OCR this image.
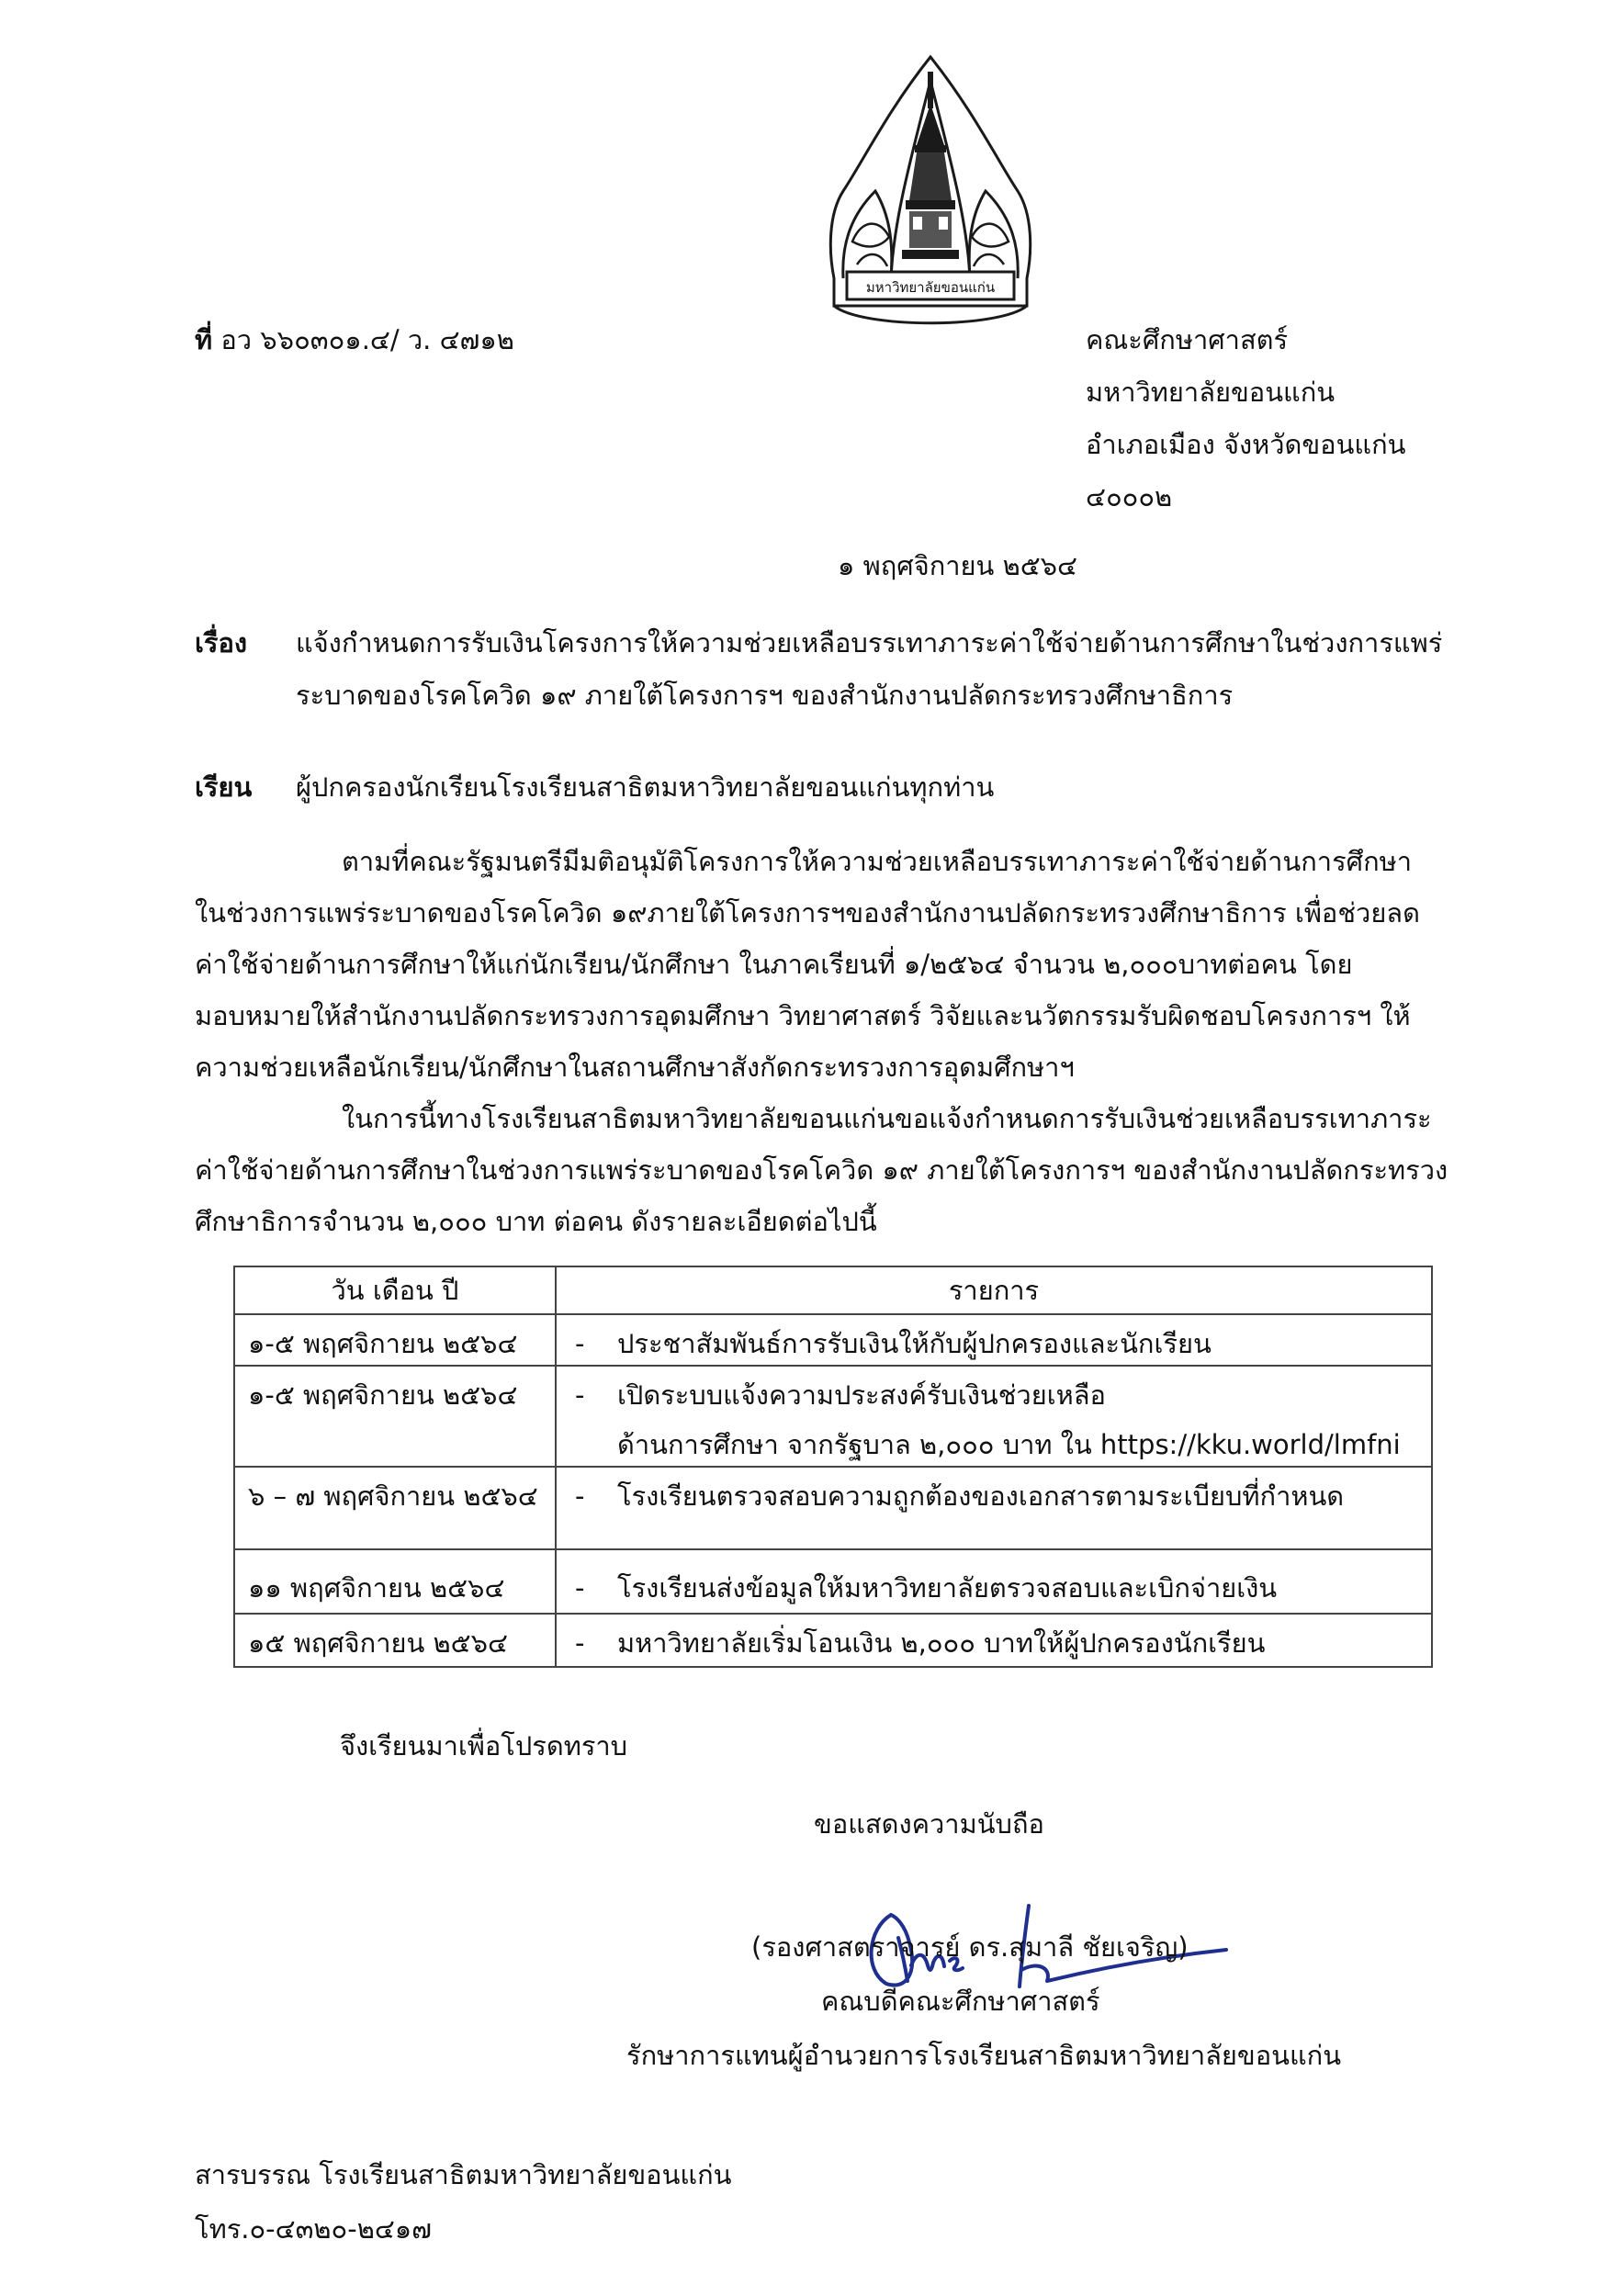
มหาวิทยาลัยขอนแก่น
ที่ อว ๖๖๐๓๐๑.๔/ ว. ๔๗๑๒	คณะศึกษาศาสตร์
มหาวิทยาลัยขอนแก่น
อำเภอเมือง จังหวัดขอนแก่น
๔๐๐๐๒
๑ พฤศจิกายน ๒๕๖๔
เรื่อง แจ้งกำหนดการรับเงินโครงการให้ความช่วยเหลือบรรเทาภาระค่าใช้จ่ายด้านการศึกษาในช่วงการแพร่
ระบาดของโรคโควิด ๑๙ ภายใต้โครงการฯ ของสำนักงานปลัดกระทรวงศึกษาธิการ
เรียน ผู้ปกครองนักเรียนโรงเรียนสาธิตมหาวิทยาลัยขอนแก่นทุกท่าน
ตามที่คณะรัฐมนตรีมีมติอนุมัติโครงการให้ความช่วยเหลือบรรเทาภาระค่าใช้จ่ายด้านการศึกษา
ในช่วงการแพร่ระบาดของโรคโควิด ๑๙ภายใต้โครงการฯของสำนักงานปลัดกระทรวงศึกษาธิการ เพื่อช่วยลด
ค่าใช้จ่ายด้านการศึกษาให้แก่นักเรียน/นักศึกษา ในภาคเรียนที่ ๑/๒๕๖๔ จำนวน ๒,๐๐๐บาทต่อคน โดย
มอบหมายให้สำนักงานปลัดกระทรวงการอุดมศึกษา วิทยาศาสตร์ วิจัยและนวัตกรรมรับผิดชอบโครงการฯ ให้
ความช่วยเหลือนักเรียน/นักศึกษาในสถานศึกษาสังกัดกระทรวงการอุดมศึกษาฯ
ในการนี้ทางโรงเรียนสาธิตมหาวิทยาลัยขอนแก่นขอแจ้งกำหนดการรับเงินช่วยเหลือบรรเทาภาระ
ค่าใช้จ่ายด้านการศึกษาในช่วงการแพร่ระบาดของโรคโควิด ๑๙ ภายใต้โครงการฯ ของสำนักงานปลัดกระทรวง
ศึกษาธิการจำนวน ๒,๐๐๐ บาท ต่อคน ดังรายละเอียดต่อไปนี้
วัน เดือน ปี	รายการ
๑-๕ พฤศจิกายน ๒๕๖๔	- ประชาสัมพันธ์การรับเงินให้กับผู้ปกครองและนักเรียน
๑-๕ พฤศจิกายน ๒๕๖๔	- เปิดระบบแจ้งความประสงค์รับเงินช่วยเหลือ
ด้านการศึกษา จากรัฐบาล ๒,๐๐๐ บาท ใน https://kku.world/lmfni

๖ – ๗ พฤศจิกายน ๒๕๖๔	- โรงเรียนตรวจสอบความถูกต้องของเอกสารตามระเบียบที่กำหนด
๑๑ พฤศจิกายน ๒๕๖๔	- โรงเรียนส่งข้อมูลให้มหาวิทยาลัยตรวจสอบและเบิกจ่ายเงิน
๑๕ พฤศจิกายน ๒๕๖๔	- มหาวิทยาลัยเริ่มโอนเงิน ๒,๐๐๐ บาทให้ผู้ปกครองนักเรียน
จึงเรียนมาเพื่อโปรดทราบ
ขอแสดงความนับถือ
(รองศาสตราจารย์ ดร.สุมาลี ชัยเจริญ)
คณบดีคณะศึกษาศาสตร์
รักษาการแทนผู้อำนวยการโรงเรียนสาธิตมหาวิทยาลัยขอนแก่น
สารบรรณ โรงเรียนสาธิตมหาวิทยาลัยขอนแก่น
โทร.๐-๔๓๒๐-๒๔๑๗
